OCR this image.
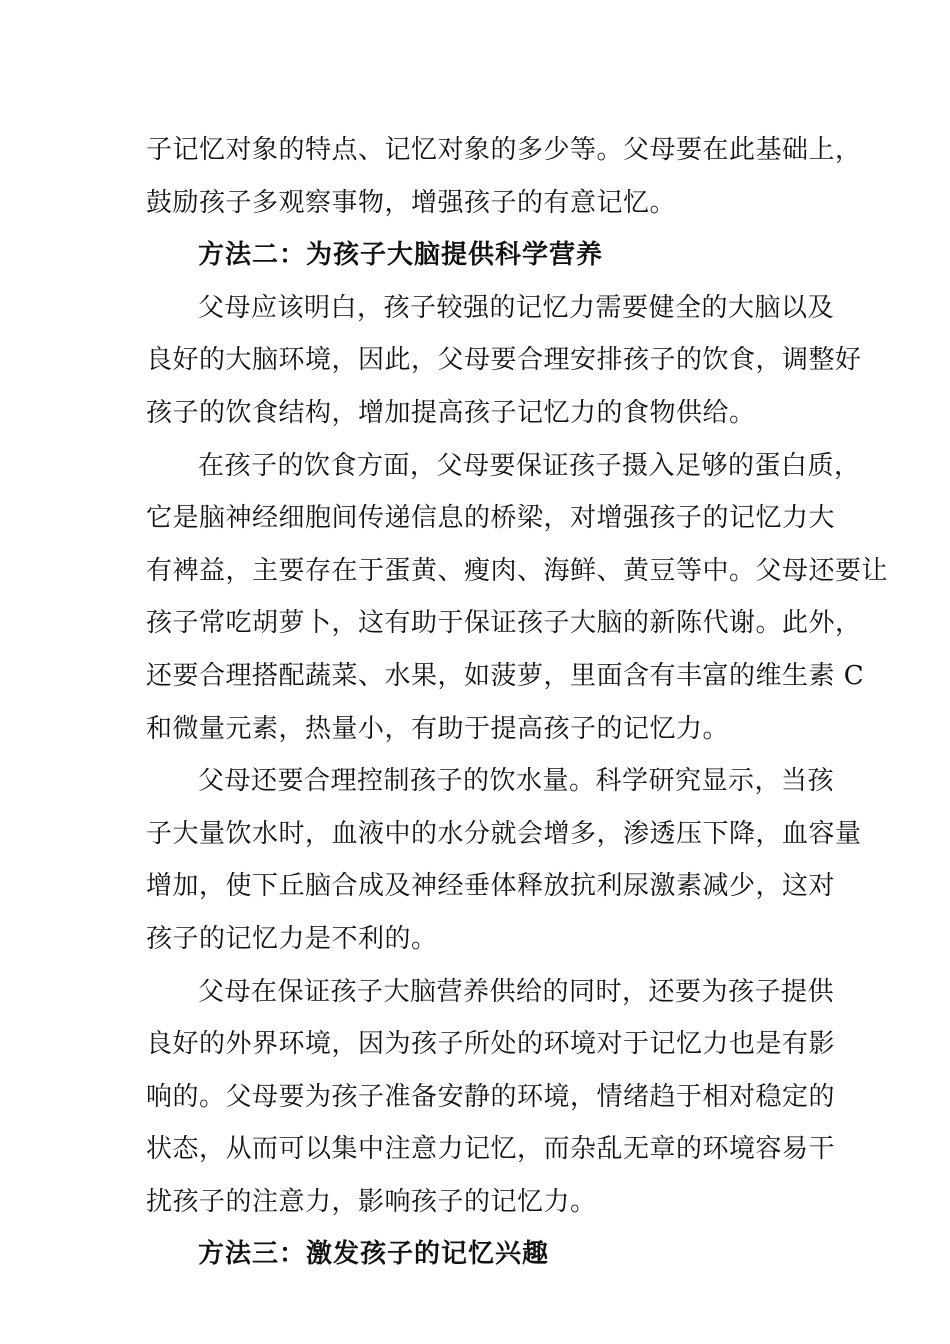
子记忆对象的特点、记忆对象的多少等。父母要在此基础上，
鼓励孩子多观察事物，增强孩子的有意记忆。
方法二：为孩子大脑提供科学营养
父母应该明白，孩子较强的记忆力需要健全的大脑以及
良好的大脑环境，因此，父母要合理安排孩子的饮食，调整好
孩子的饮食结构，增加提高孩子记忆力的食物供给。
在孩子的饮食方面，父母要保证孩子摄入足够的蛋白质，
它是脑神经细胞间传递信息的桥梁，对增强孩子的记忆力大
有裨益，主要存在于蛋黄、瘦肉、海鲜、黄豆等中。父母还要让
孩子常吃胡萝卜，这有助于保证孩子大脑的新陈代谢。此外，
还要合理搭配蔬菜、水果，如菠萝，里面含有丰富的维生素 C
和微量元素，热量小，有助于提高孩子的记忆力。
父母还要合理控制孩子的饮水量。科学研究显示，当孩
子大量饮水时，血液中的水分就会增多，渗透压下降，血容量
增加，使下丘脑合成及神经垂体释放抗利尿激素减少，这对
孩子的记忆力是不利的。
父母在保证孩子大脑营养供给的同时，还要为孩子提供
良好的外界环境，因为孩子所处的环境对于记忆力也是有影
响的。父母要为孩子准备安静的环境，情绪趋于相对稳定的
状态，从而可以集中注意力记忆，而杂乱无章的环境容易干
扰孩子的注意力，影响孩子的记忆力。
方法三：激发孩子的记忆兴趣
